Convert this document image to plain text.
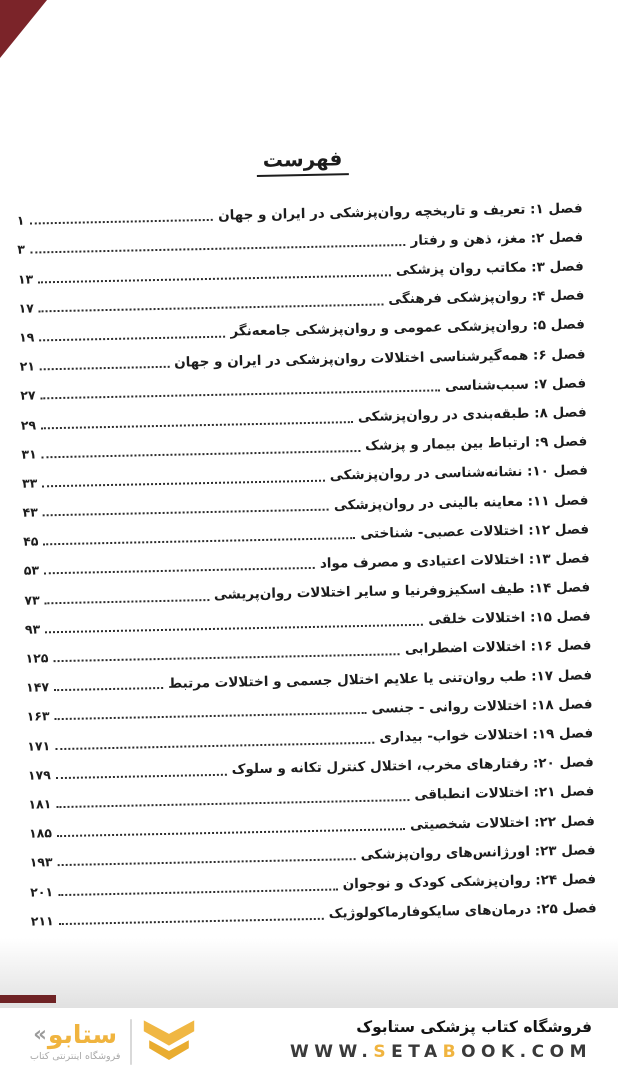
فهرست
فصل ۱: تعریف و تاریخچه روان‌پزشکی در ایران و جهان
۱
فصل ۲: مغز، ذهن و رفتار
۳
فصل ۳: مکاتب روان پزشکی
۱۳
فصل ۴: روان‌پزشکی فرهنگی
۱۷
فصل ۵: روان‌پزشکی عمومی و روان‌پزشکی جامعه‌نگر
۱۹
فصل ۶: همه‌گیرشناسی اختلالات روان‌پزشکی در ایران و جهان
۲۱
فصل ۷: سبب‌شناسی
۲۷
فصل ۸: طبقه‌بندی در روان‌پزشکی
۲۹
فصل ۹: ارتباط بین بیمار و پزشک
۳۱
فصل ۱۰: نشانه‌شناسی در روان‌پزشکی
۳۳
فصل ۱۱: معاینه بالینی در روان‌پزشکی
۴۳
فصل ۱۲: اختلالات عصبی- شناختی
۴۵
فصل ۱۳: اختلالات اعتیادی و مصرف مواد
۵۳
فصل ۱۴: طیف اسکیزوفرنیا و سایر اختلالات روان‌پریشی
۷۳
فصل ۱۵: اختلالات خلقی
۹۳
فصل ۱۶: اختلالات اضطرابی
۱۲۵
فصل ۱۷: طب روان‌تنی یا علایم اختلال جسمی و اختلالات مرتبط
۱۴۷
فصل ۱۸: اختلالات روانی - جنسی
۱۶۳
فصل ۱۹: اختلالات خواب- بیداری
۱۷۱
فصل ۲۰: رفتارهای مخرب، اختلال کنترل تکانه و سلوک
۱۷۹
فصل ۲۱: اختلالات انطباقی
۱۸۱
فصل ۲۲: اختلالات شخصیتی
۱۸۵
فصل ۲۳: اورژانس‌های روان‌پزشکی
۱۹۳
فصل ۲۴: روان‌پزشکی کودک و نوجوان
۲۰۱
فصل ۲۵: درمان‌های سایکوفارماکولوژیک
۲۱۱
« ستابو
فروشگاه اینترنتی کتاب
فروشگاه کتاب پزشکی ستابوک
WWW.SETABOOK.COM
